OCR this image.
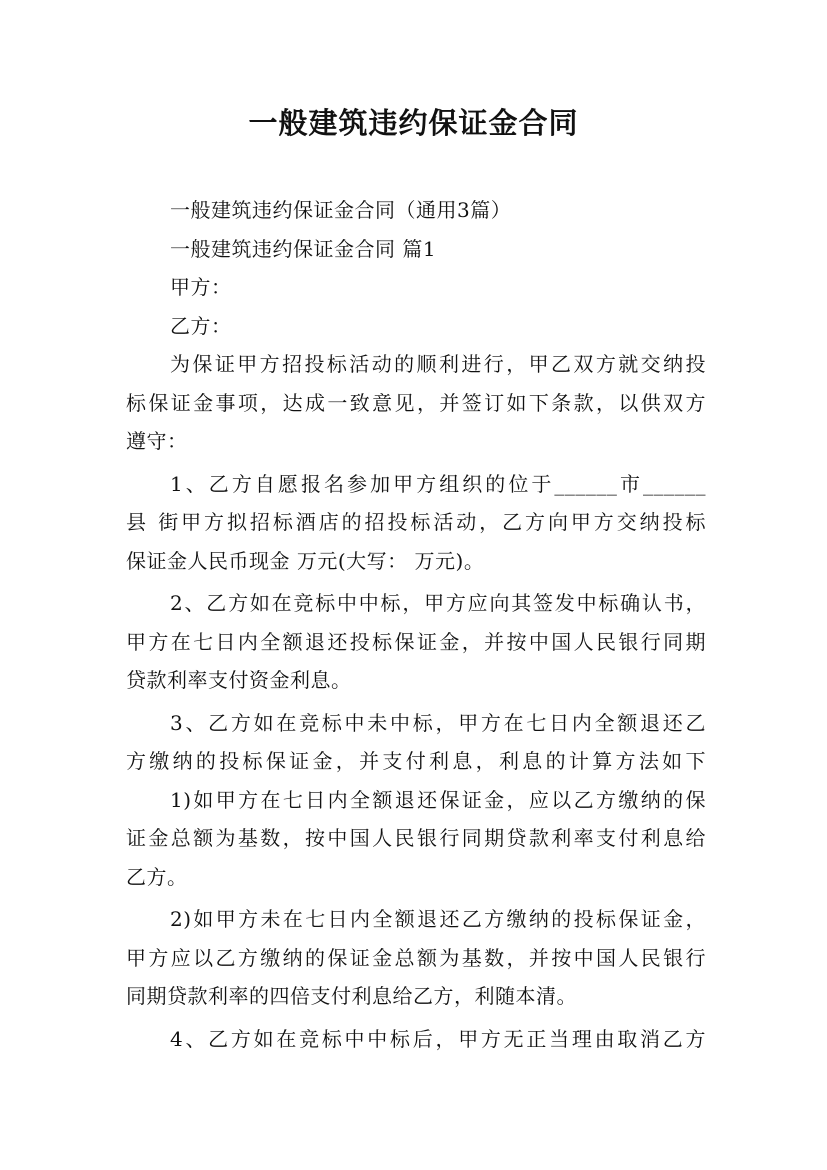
一般建筑违约保证金合同
一般建筑违约保证金合同（通用3篇）
一般建筑违约保证金合同 篇1
甲方：
乙方：
为保证甲方招投标活动的顺利进行，甲乙双方就交纳投
标保证金事项，达成一致意见，并签订如下条款，以供双方
遵守：
1、乙方自愿报名参加甲方组织的位于______市______
县 街甲方拟招标酒店的招投标活动，乙方向甲方交纳投标
保证金人民币现金 万元(大写： 万元)。
2、乙方如在竞标中中标，甲方应向其签发中标确认书，
甲方在七日内全额退还投标保证金，并按中国人民银行同期
贷款利率支付资金利息。
3、乙方如在竞标中未中标，甲方在七日内全额退还乙
方缴纳的投标保证金，并支付利息，利息的计算方法如下
1)如甲方在七日内全额退还保证金，应以乙方缴纳的保
证金总额为基数，按中国人民银行同期贷款利率支付利息给
乙方。
2)如甲方未在七日内全额退还乙方缴纳的投标保证金，
甲方应以乙方缴纳的保证金总额为基数，并按中国人民银行
同期贷款利率的四倍支付利息给乙方，利随本清。
4、乙方如在竞标中中标后，甲方无正当理由取消乙方
